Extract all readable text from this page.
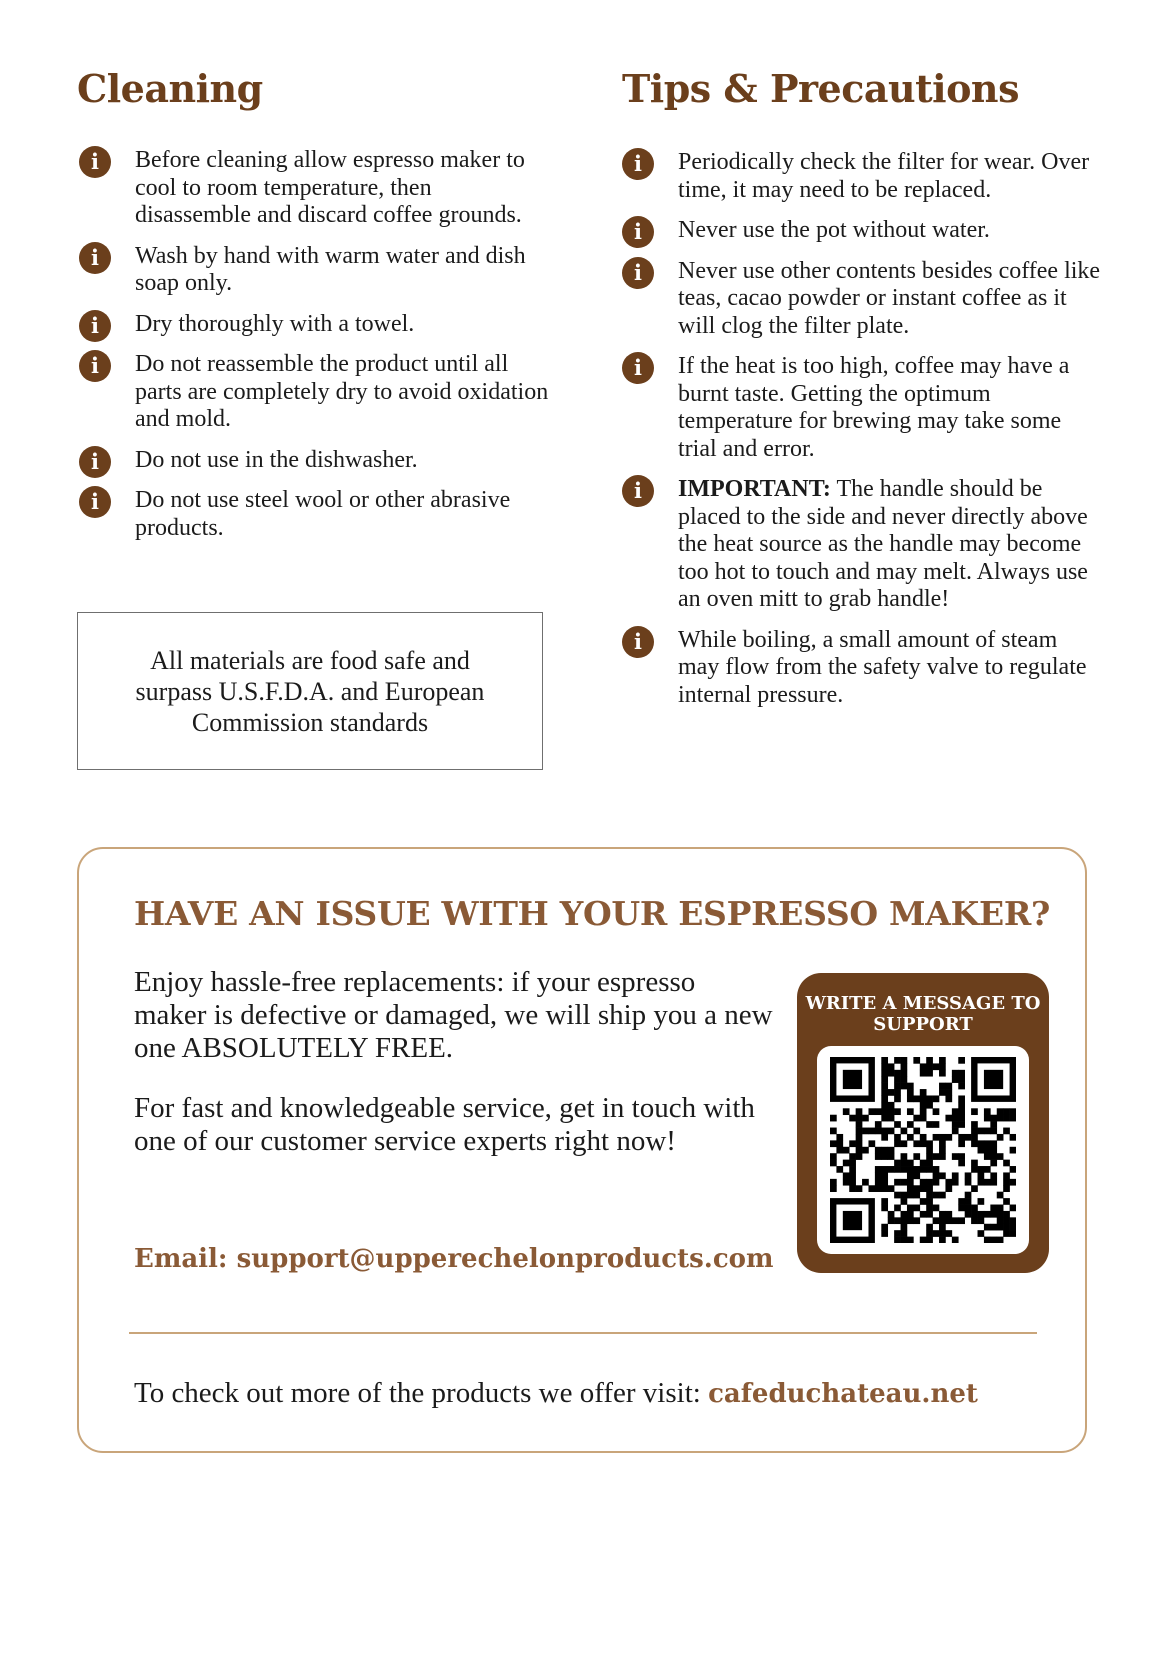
Cleaning
i	Before cleaning allow espresso maker to cool to room temperature, then disassemble and discard coffee grounds.
i	Wash by hand with warm water and dish soap only.
i	Dry thoroughly with a towel.
i	Do not reassemble the product until all parts are completely dry to avoid oxidation and mold.
i	Do not use in the dishwasher.
i	Do not use steel wool or other abrasive products.
All materials are food safe and surpass U.S.F.D.A. and European Commission standards
Tips & Precautions
i	Periodically check the filter for wear. Over time, it may need to be replaced.
i	Never use the pot without water.
i	Never use other contents besides coffee like teas, cacao powder or instant coffee as it will clog the filter plate.
i	If the heat is too high, coffee may have a burnt taste. Getting the optimum temperature for brewing may take some trial and error.
i	IMPORTANT: The handle should be placed to the side and never directly above the heat source as the handle may become too hot to touch and may melt. Always use an oven mitt to grab handle!
i	While boiling, a small amount of steam may flow from the safety valve to regulate internal pressure.
HAVE AN ISSUE WITH YOUR ESPRESSO MAKER?

Enjoy hassle-free replacements: if your espresso maker is defective or damaged, we will ship you a new one ABSOLUTELY FREE.

For fast and knowledgeable service, get in touch with one of our customer service experts right now!

Email: support@upperechelonproducts.com

WRITE A MESSAGE TO SUPPORT

To check out more of the products we offer visit: cafeduchateau.net
